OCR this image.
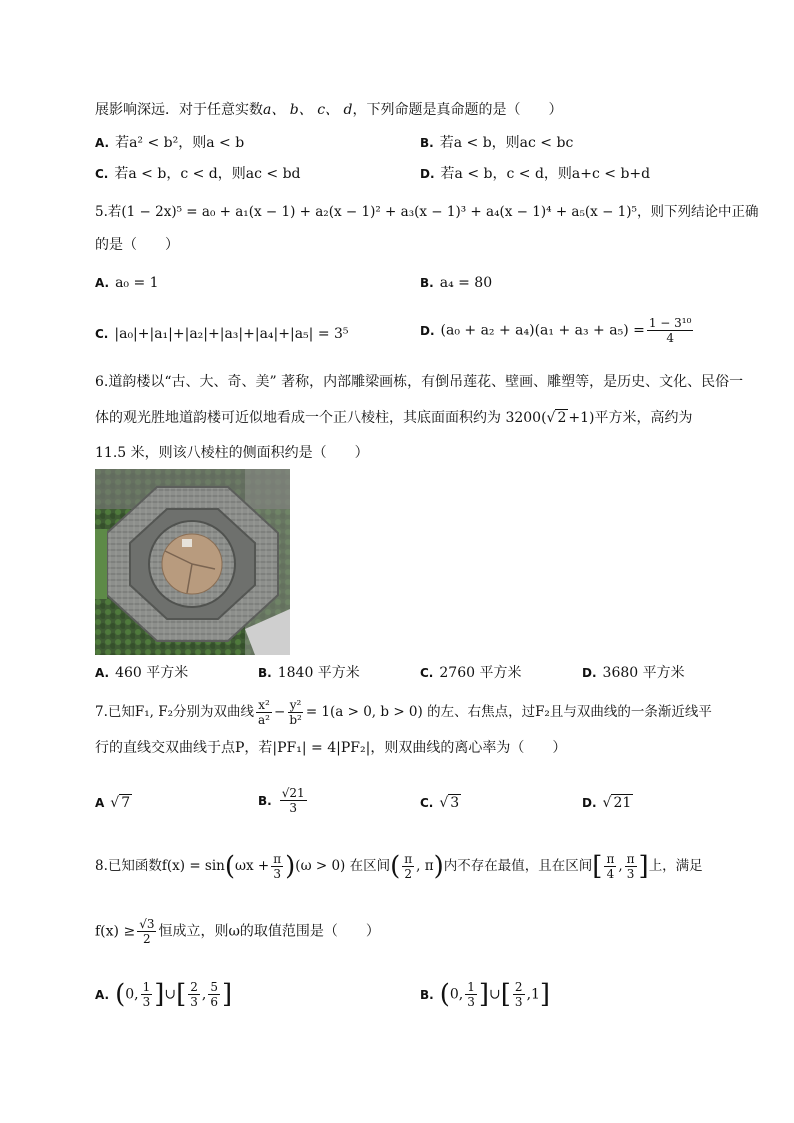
展影响深远．对于任意实数a、 b、 c、 d，下列命题是真命题的是（　　）
A. 若a² < b²，则a < b	B. 若a < b，则ac < bc
C. 若a < b，c < d，则ac < bd	D. 若a < b，c < d，则a+c < b+d
5.若(1 − 2x)⁵ = a₀ + a₁(x − 1) + a₂(x − 1)² + a₃(x − 1)³ + a₄(x − 1)⁴ + a₅(x − 1)⁵，则下列结论中正确
的是（　　）
A. a₀ = 1	B. a₄ = 80
C. |a₀|+|a₁|+|a₂|+|a₃|+|a₄|+|a₅| = 3⁵	D. $(a_0 + a_2 + a_4)(a_1 + a_3 + a_5) = \frac{\text{1 − 3¹⁰}}{4}$
6.道韵楼以“古、大、奇、美” 著称，内部雕梁画栋，有倒吊莲花、壁画、雕塑等，是历史、文化、民俗一
体的观光胜地道韵楼可近似地看成一个正八棱柱，其底面面积约为 3200(√ 2 +1)平方米，高约为
11.5 米，则该八棱柱的侧面积约是（　　）
A. 460 平方米	B. 1840 平方米	C. 2760 平方米	D. 3680 平方米
7.已知F₁, F₂分别为双曲线 $\frac{\text{x²}}{\text{a²}} - \frac{\text{y²}}{\text{b²}} = 1(a > 0$, b > 0) 的左、右焦点，过F₂且与双曲线的一条渐近线平
行的直线交双曲线于点P，若|PF₁| = 4|PF₂|，则双曲线的离心率为（　　）
A √ 7	B. $\frac{√21}{3}$	C. √ 3	D. √ 21
8.已知函数$f(x) = \sin(\omega x + \frac{\pi}{3} )(\omega > 0)$ 在区间( $\frac{\pi}{2}$ , π)内不存在最值，且在区间[ $\frac{\pi}{4}$ , $\frac{\pi}{3}$ ]上，满足
$f(x) \ge \frac{√3}{2}$ 恒成立，则ω的取值范围是（　　）
A. (0, $\frac{1}{3}$ ]∪[ $\frac{2}{3}$ , $\frac{5}{6}$ ]	B. (0, $\frac{1}{3}$ ]∪[ $\frac{2}{3} ,1$]
